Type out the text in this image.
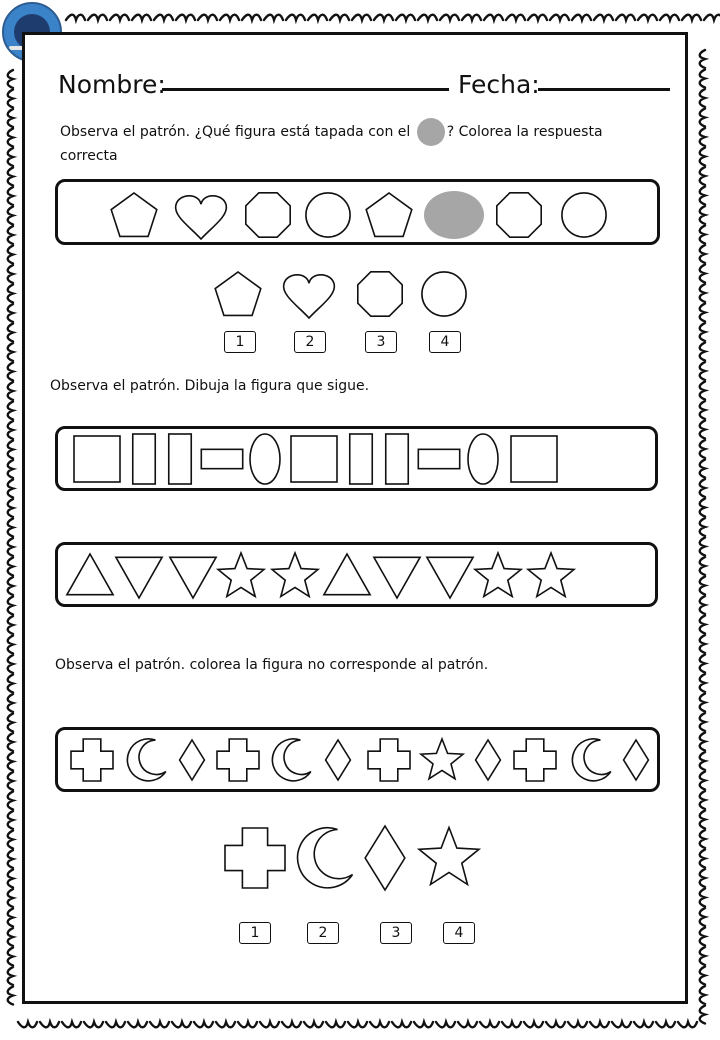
Nombre:	Fecha:
Observa el patrón. ¿Qué figura está tapada con el	? Colorea la respuesta correcta
1	2	3	4
Observa el patrón. Dibuja la figura que sigue.
Observa el patrón. colorea la figura no corresponde al patrón.
1	2	3	4
